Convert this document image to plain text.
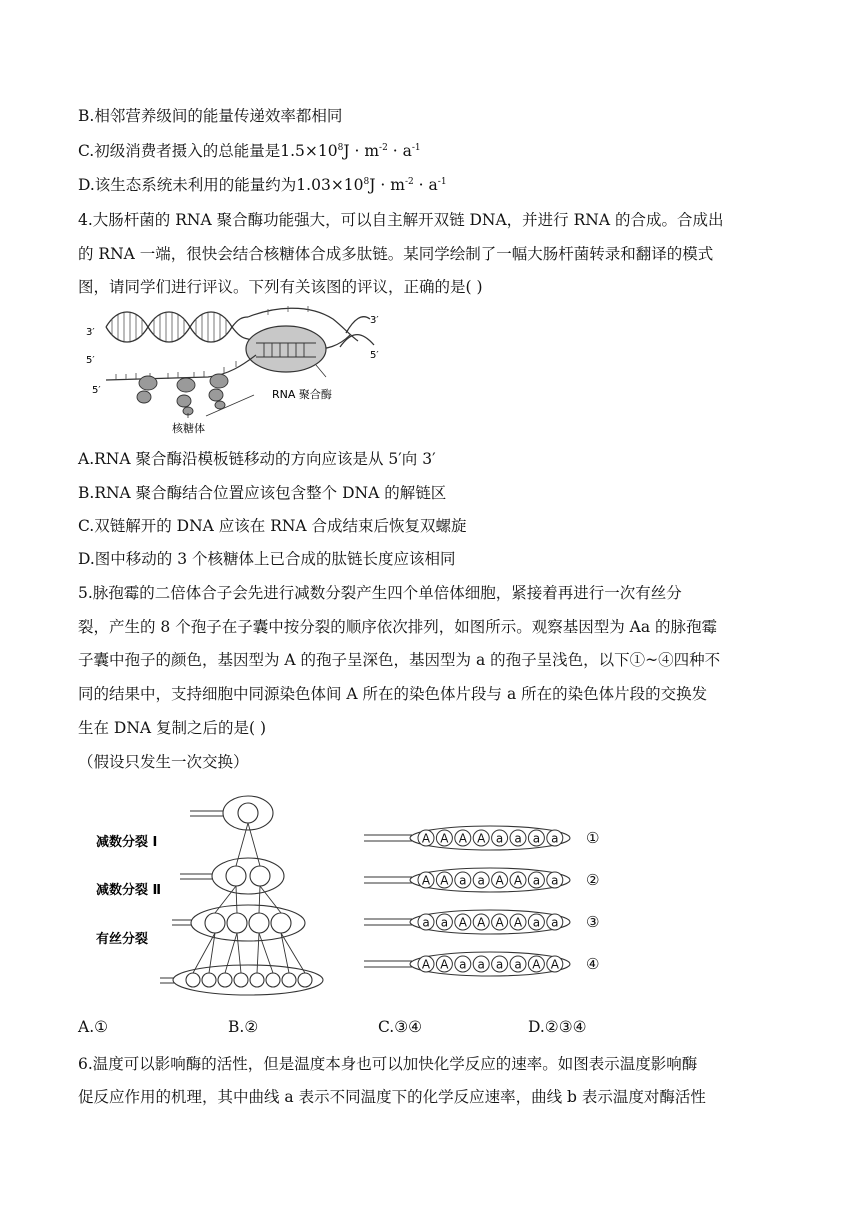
B.相邻营养级间的能量传递效率都相同
C.初级消费者摄入的总能量是$1.5\times 10^8J \cdot m^{-2} \cdot a^{-1}$
D.该生态系统未利用的能量约为$1.03\times 10^8J \cdot m^{-2} \cdot a^{-1}$
4.大肠杆菌的 RNA 聚合酶功能强大，可以自主解开双链 DNA，并进行 RNA 的合成。合成出
的 RNA 一端，很快会结合核糖体合成多肽链。某同学绘制了一幅大肠杆菌转录和翻译的模式
图，请同学们进行评议。下列有关该图的评议，正确的是( )
3′
5′
5′
3′
5′
RNA 聚合酶
核糖体
A.RNA 聚合酶沿模板链移动的方向应该是从 5′向 3′
B.RNA 聚合酶结合位置应该包含整个 DNA 的解链区
C.双链解开的 DNA 应该在 RNA 合成结束后恢复双螺旋
D.图中移动的 3 个核糖体上已合成的肽链长度应该相同
5.脉孢霉的二倍体合子会先进行减数分裂产生四个单倍体细胞，紧接着再进行一次有丝分
裂，产生的 8 个孢子在子囊中按分裂的顺序依次排列，如图所示。观察基因型为 Aa 的脉孢霉
子囊中孢子的颜色，基因型为 A 的孢子呈深色，基因型为 a 的孢子呈浅色，以下①~④四种不
同的结果中，支持细胞中同源染色体间 A 所在的染色体片段与 a 所在的染色体片段的交换发
生在 DNA 复制之后的是( )
（假设只发生一次交换）
减数分裂 Ⅰ
减数分裂 Ⅱ
有丝分裂
A A A A a a a a ①
A A a a A A a a ②
a a A A A A a a ③
A A a a a a A A ④
A.①	B.②	C.③④	D.②③④
6.温度可以影响酶的活性，但是温度本身也可以加快化学反应的速率。如图表示温度影响酶
促反应作用的机理，其中曲线 a 表示不同温度下的化学反应速率，曲线 b 表示温度对酶活性
